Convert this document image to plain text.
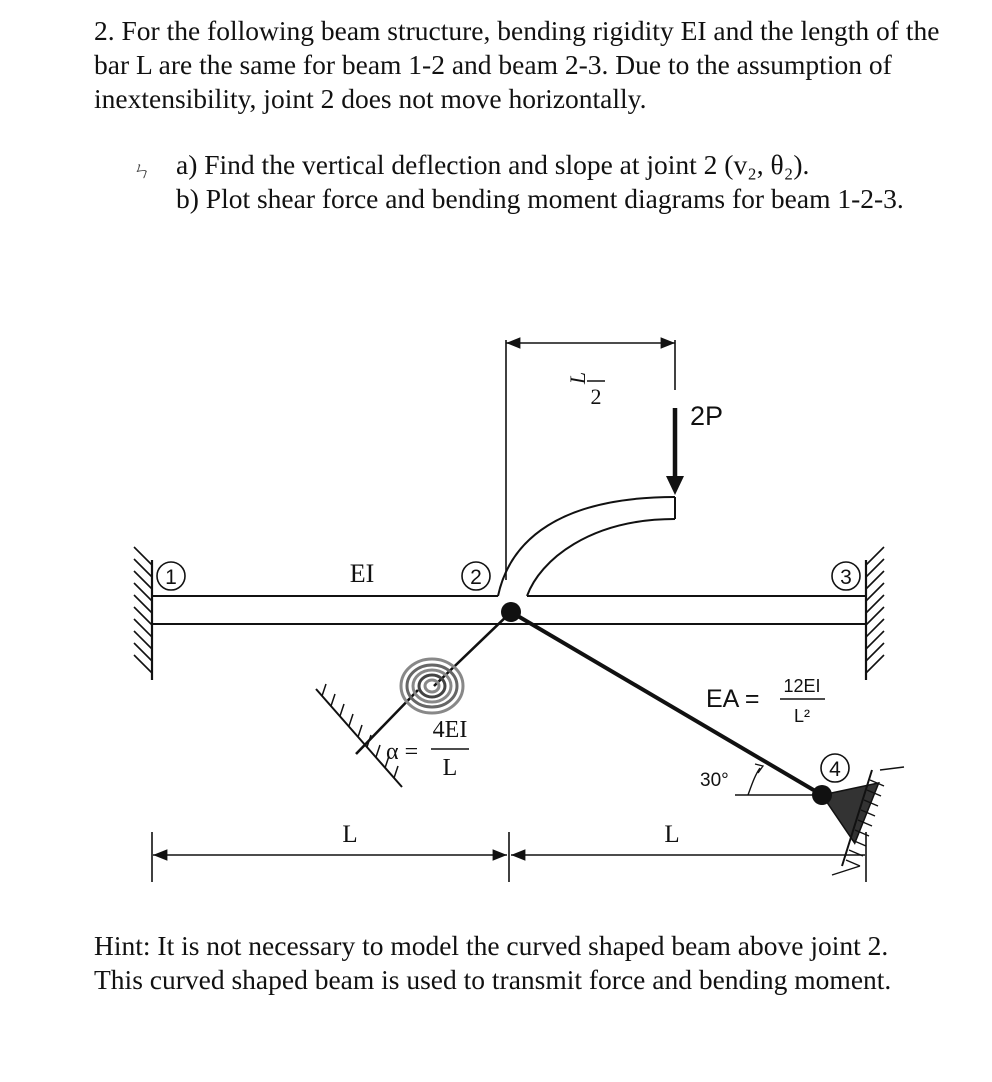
2. For the following beam structure, bending rigidity EI and the length of the

bar L are the same for beam 1-2 and beam 2-3. Due to the assumption of

inextensibility, joint 2 does not move horizontally.

ㄣ a) Find the vertical deflection and slope at joint 2 (v₂, θ₂).
b) Plot shear force and bending moment diagrams for beam 1-2-3.
L
2
2P
1	2	3
4
EI
α =
4EI
L
EA = 12EI
L²
30°
L	L
Hint: It is not necessary to model the curved shaped beam above joint 2.
This curved shaped beam is used to transmit force and bending moment.
